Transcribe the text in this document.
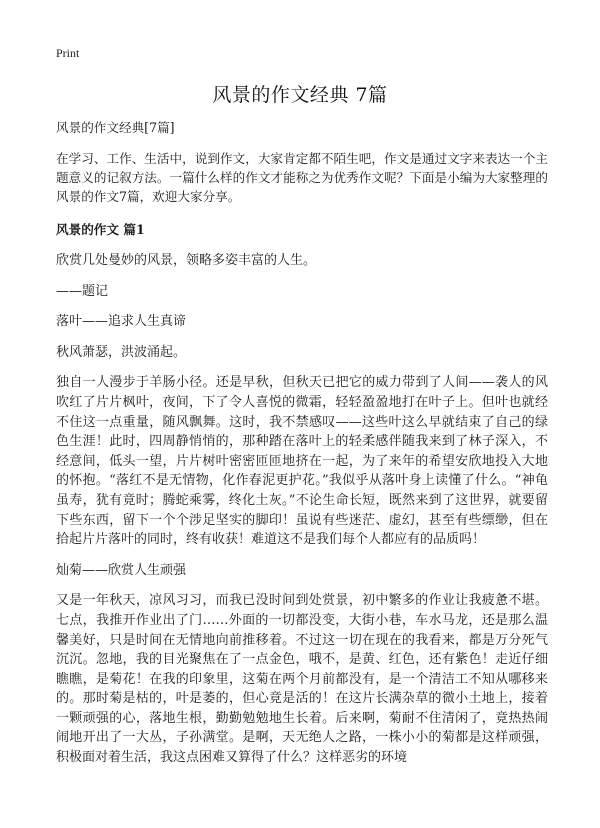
Print
风景的作文经典 7篇
风景的作文经典[7篇]
在学习、工作、生活中，说到作文，大家肯定都不陌生吧，作文是通过文字来表达一个主题意义的记叙方法。一篇什么样的作文才能称之为优秀作文呢？下面是小编为大家整理的风景的作文7篇，欢迎大家分享。
风景的作文 篇1
欣赏几处曼妙的风景，领略多姿丰富的人生。
——题记
落叶——追求人生真谛
秋风萧瑟，洪波涌起。
独自一人漫步于羊肠小径。还是早秋，但秋天已把它的威力带到了人间——袭人的风吹红了片片枫叶，夜间，下了令人喜悦的微霜，轻轻盈盈地打在叶子上。但叶也就经不住这一点重量，随风飘舞。这时，我不禁感叹——这些叶这么早就结束了自己的绿色生涯！此时，四周静悄悄的，那种踏在落叶上的轻柔感伴随我来到了林子深入，不经意间，低头一望，片片树叶密密匝匝地挤在一起，为了来年的希望安欣地投入大地的怀抱。“落红不是无情物，化作春泥更护花。”我似乎从落叶身上读懂了什么。“神龟虽寿，犹有竟时；腾蛇乘雾，终化土灰。”不论生命长短，既然来到了这世界，就要留下些东西，留下一个个涉足坚实的脚印！虽说有些迷茫、虚幻，甚至有些缥缈，但在拾起片片落叶的同时，终有收获！难道这不是我们每个人都应有的品质吗！
灿菊——欣赏人生顽强
又是一年秋天，凉风习习，而我已没时间到处赏景，初中繁多的作业让我疲惫不堪。七点，我推开作业出了门……外面的一切都没变，大街小巷，车水马龙，还是那么温馨美好，只是时间在无情地向前推移着。不过这一切在现在的我看来，都是万分死气沉沉。忽地，我的目光聚焦在了一点金色，哦不，是黄、红色，还有紫色！走近仔细瞧瞧，是菊花！在我的印象里，这菊在两个月前都没有，是一个清洁工不知从哪移来的。那时菊是枯的，叶是萎的，但心竟是活的！在这片长满杂草的微小土地上，接着一颗顽强的心，落地生根，勤勤勉勉地生长着。后来啊，菊耐不住清闲了，竟热热闹闹地开出了一大丛，子孙满堂。是啊，天无绝人之路，一株小小的菊都是这样顽强，积极面对着生活，我这点困难又算得了什么？这样恶劣的环境
